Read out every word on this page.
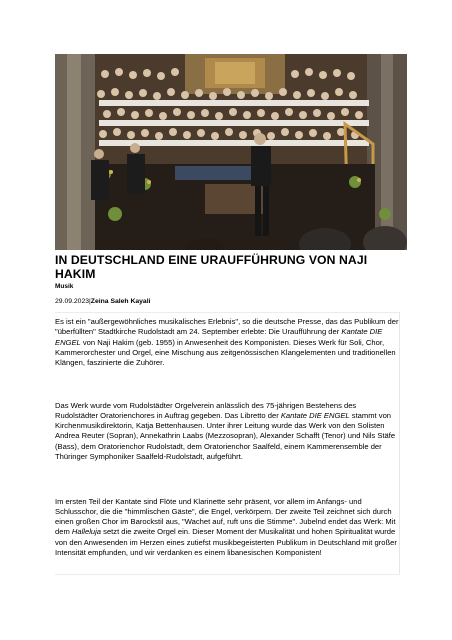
IN DEUTSCHLAND EINE URAUFFÜHRUNG VON NAJI HAKIM
Musik
29.09.2023|Zeina Saleh Kayali

Es ist ein "außergewöhnliches musikalisches Erlebnis", so die deutsche Presse, das das Publikum der "überfüllten" Stadtkirche Rudolstadt am 24. September erlebte: Die Uraufführung der Kantate DIE ENGEL von Naji Hakim (geb. 1955) in Anwesenheit des Komponisten. Dieses Werk für Soli, Chor, Kammerorchester und Orgel, eine Mischung aus zeitgenössischen Klangelementen und traditionellen Klängen, faszinierte die Zuhörer.

Das Werk wurde vom Rudolstädter Orgelverein anlässlich des 75-jährigen Bestehens des Rudolstädter Oratorienchores in Auftrag gegeben. Das Libretto der Kantate DIE ENGEL stammt von Kirchenmusikdirektorin, Katja Bettenhausen. Unter ihrer Leitung wurde das Werk von den Solisten Andrea Reuter (Sopran), Annekathrin Laabs (Mezzosopran), Alexander Schafft (Tenor) und Nils Stäfe (Bass), dem Oratorienchor Rudolstadt, dem Oratorienchor Saalfeld, einem Kammerensemble der Thüringer Symphoniker Saalfeld-Rudolstadt, aufgeführt.

Im ersten Teil der Kantate sind Flöte und Klarinette sehr präsent, vor allem im Anfangs- und Schlusschor, die die "himmlischen Gäste", die Engel, verkörpern. Der zweite Teil zeichnet sich durch einen großen Chor im Barockstil aus, "Wachet auf, ruft uns die Stimme". Jubelnd endet das Werk: Mit dem Halleluja setzt die zweite Orgel ein. Dieser Moment der Musikalität und hohen Spiritualität wurde von den Anwesenden im Herzen eines zutiefst musikbegeisterten Publikum in Deutschland mit großer Intensität empfunden, und wir verdanken es einem libanesischen Komponisten!
